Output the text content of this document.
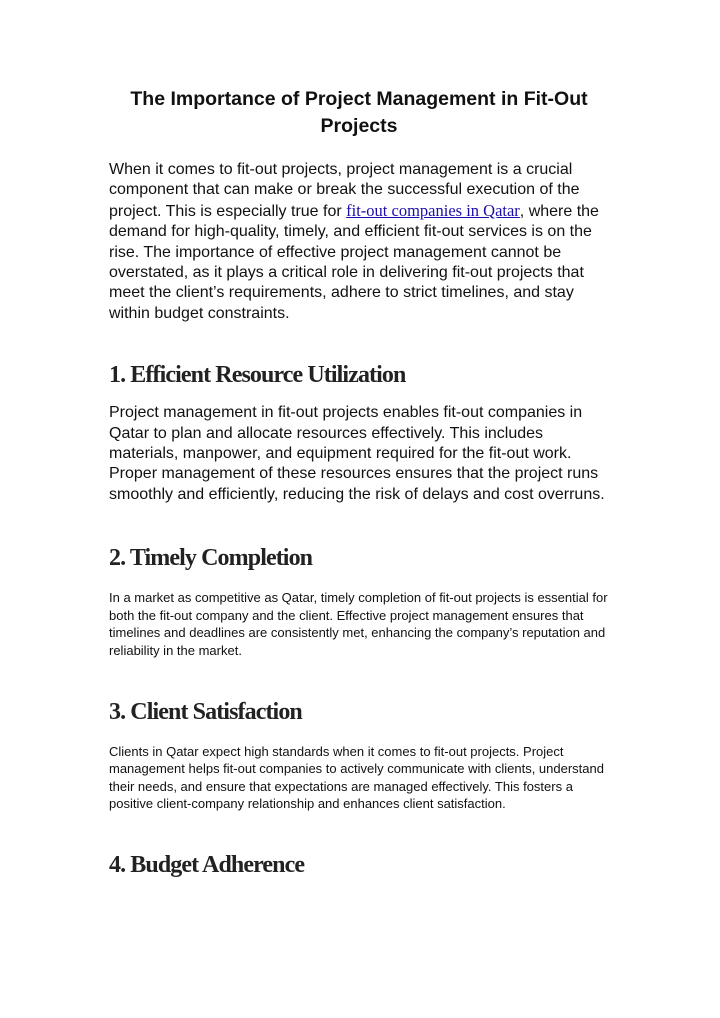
The Importance of Project Management in Fit-Out Projects

When it comes to fit-out projects, project management is a crucial component that can make or break the successful execution of the project. This is especially true for fit-out companies in Qatar, where the demand for high-quality, timely, and efficient fit-out services is on the rise. The importance of effective project management cannot be overstated, as it plays a critical role in delivering fit-out projects that meet the client’s requirements, adhere to strict timelines, and stay within budget constraints.

1. Efficient Resource Utilization

Project management in fit-out projects enables fit-out companies in Qatar to plan and allocate resources effectively. This includes materials, manpower, and equipment required for the fit-out work. Proper management of these resources ensures that the project runs smoothly and efficiently, reducing the risk of delays and cost overruns.

2. Timely Completion

In a market as competitive as Qatar, timely completion of fit-out projects is essential for both the fit-out company and the client. Effective project management ensures that timelines and deadlines are consistently met, enhancing the company’s reputation and reliability in the market.

3. Client Satisfaction

Clients in Qatar expect high standards when it comes to fit-out projects. Project management helps fit-out companies to actively communicate with clients, understand their needs, and ensure that expectations are managed effectively. This fosters a positive client-company relationship and enhances client satisfaction.

4. Budget Adherence
